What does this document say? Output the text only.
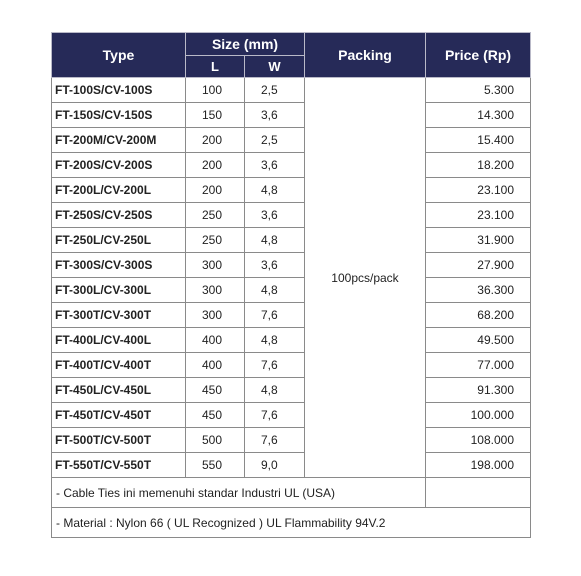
Type	Size (mm)		Packing	Price (Rp)
	L	W		
FT-100S/CV-100S	100	2,5	100pcs/pack	5.300
FT-150S/CV-150S	150	3,6		14.300
FT-200M/CV-200M	200	2,5		15.400
FT-200S/CV-200S	200	3,6		18.200
FT-200L/CV-200L	200	4,8		23.100
FT-250S/CV-250S	250	3,6		23.100
FT-250L/CV-250L	250	4,8		31.900
FT-300S/CV-300S	300	3,6		27.900
FT-300L/CV-300L	300	4,8		36.300
FT-300T/CV-300T	300	7,6		68.200
FT-400L/CV-400L	400	4,8		49.500
FT-400T/CV-400T	400	7,6		77.000
FT-450L/CV-450L	450	4,8		91.300
FT-450T/CV-450T	450	7,6		100.000
FT-500T/CV-500T	500	7,6		108.000
FT-550T/CV-550T	550	9,0		198.000
- Cable Ties ini memenuhi standar Industri UL (USA)				
- Material : Nylon 66 ( UL Recognized ) UL Flammability 94V.2				
